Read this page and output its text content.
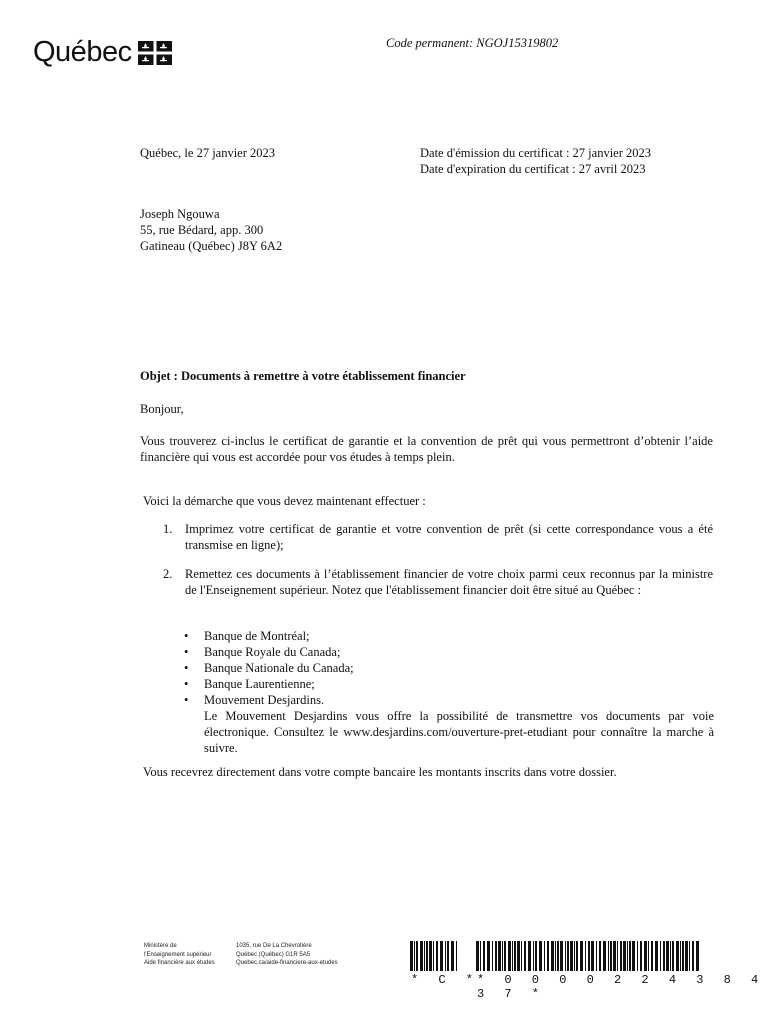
Québec	Code permanent: NGOJ15319802
Québec, le 27 janvier 2023	Date d'émission du certificat : 27 janvier 2023
Date d'expiration du certificat : 27 avril 2023
Joseph Ngouwa
55, rue Bédard, app. 300
Gatineau (Québec) J8Y 6A2
Objet : Documents à remettre à votre établissement financier
Bonjour,
Vous trouverez ci-inclus le certificat de garantie et la convention de prêt qui vous permettront d’obtenir l’aide financière qui vous est accordée pour vos études à temps plein.
Voici la démarche que vous devez maintenant effectuer :
1.	Imprimez votre certificat de garantie et votre convention de prêt (si cette correspondance vous a été transmise en ligne);
2.	Remettez ces documents à l’établissement financier de votre choix parmi ceux reconnus par la ministre de l'Enseignement supérieur. Notez que l'établissement financier doit être situé au Québec :
•	Banque de Montréal;
•	Banque Royale du Canada;
•	Banque Nationale du Canada;
•	Banque Laurentienne;
•	Mouvement Desjardins.
Le Mouvement Desjardins vous offre la possibilité de transmettre vos documents par voie électronique. Consultez le www.desjardins.com/ouverture-pret-etudiant pour connaître la marche à suivre.
Vous recevrez directement dans votre compte bancaire les montants inscrits dans votre dossier.
Ministère de
l'Enseignement supérieur
Aide financière aux études
1035, rue De La Chevrotière
Québec (Québec) G1R 5A5
Quebec.ca/aide-financiere-aux-etudes
* C *
* 0 0 0 0 2 2 4 3 8 4 3 7 *
